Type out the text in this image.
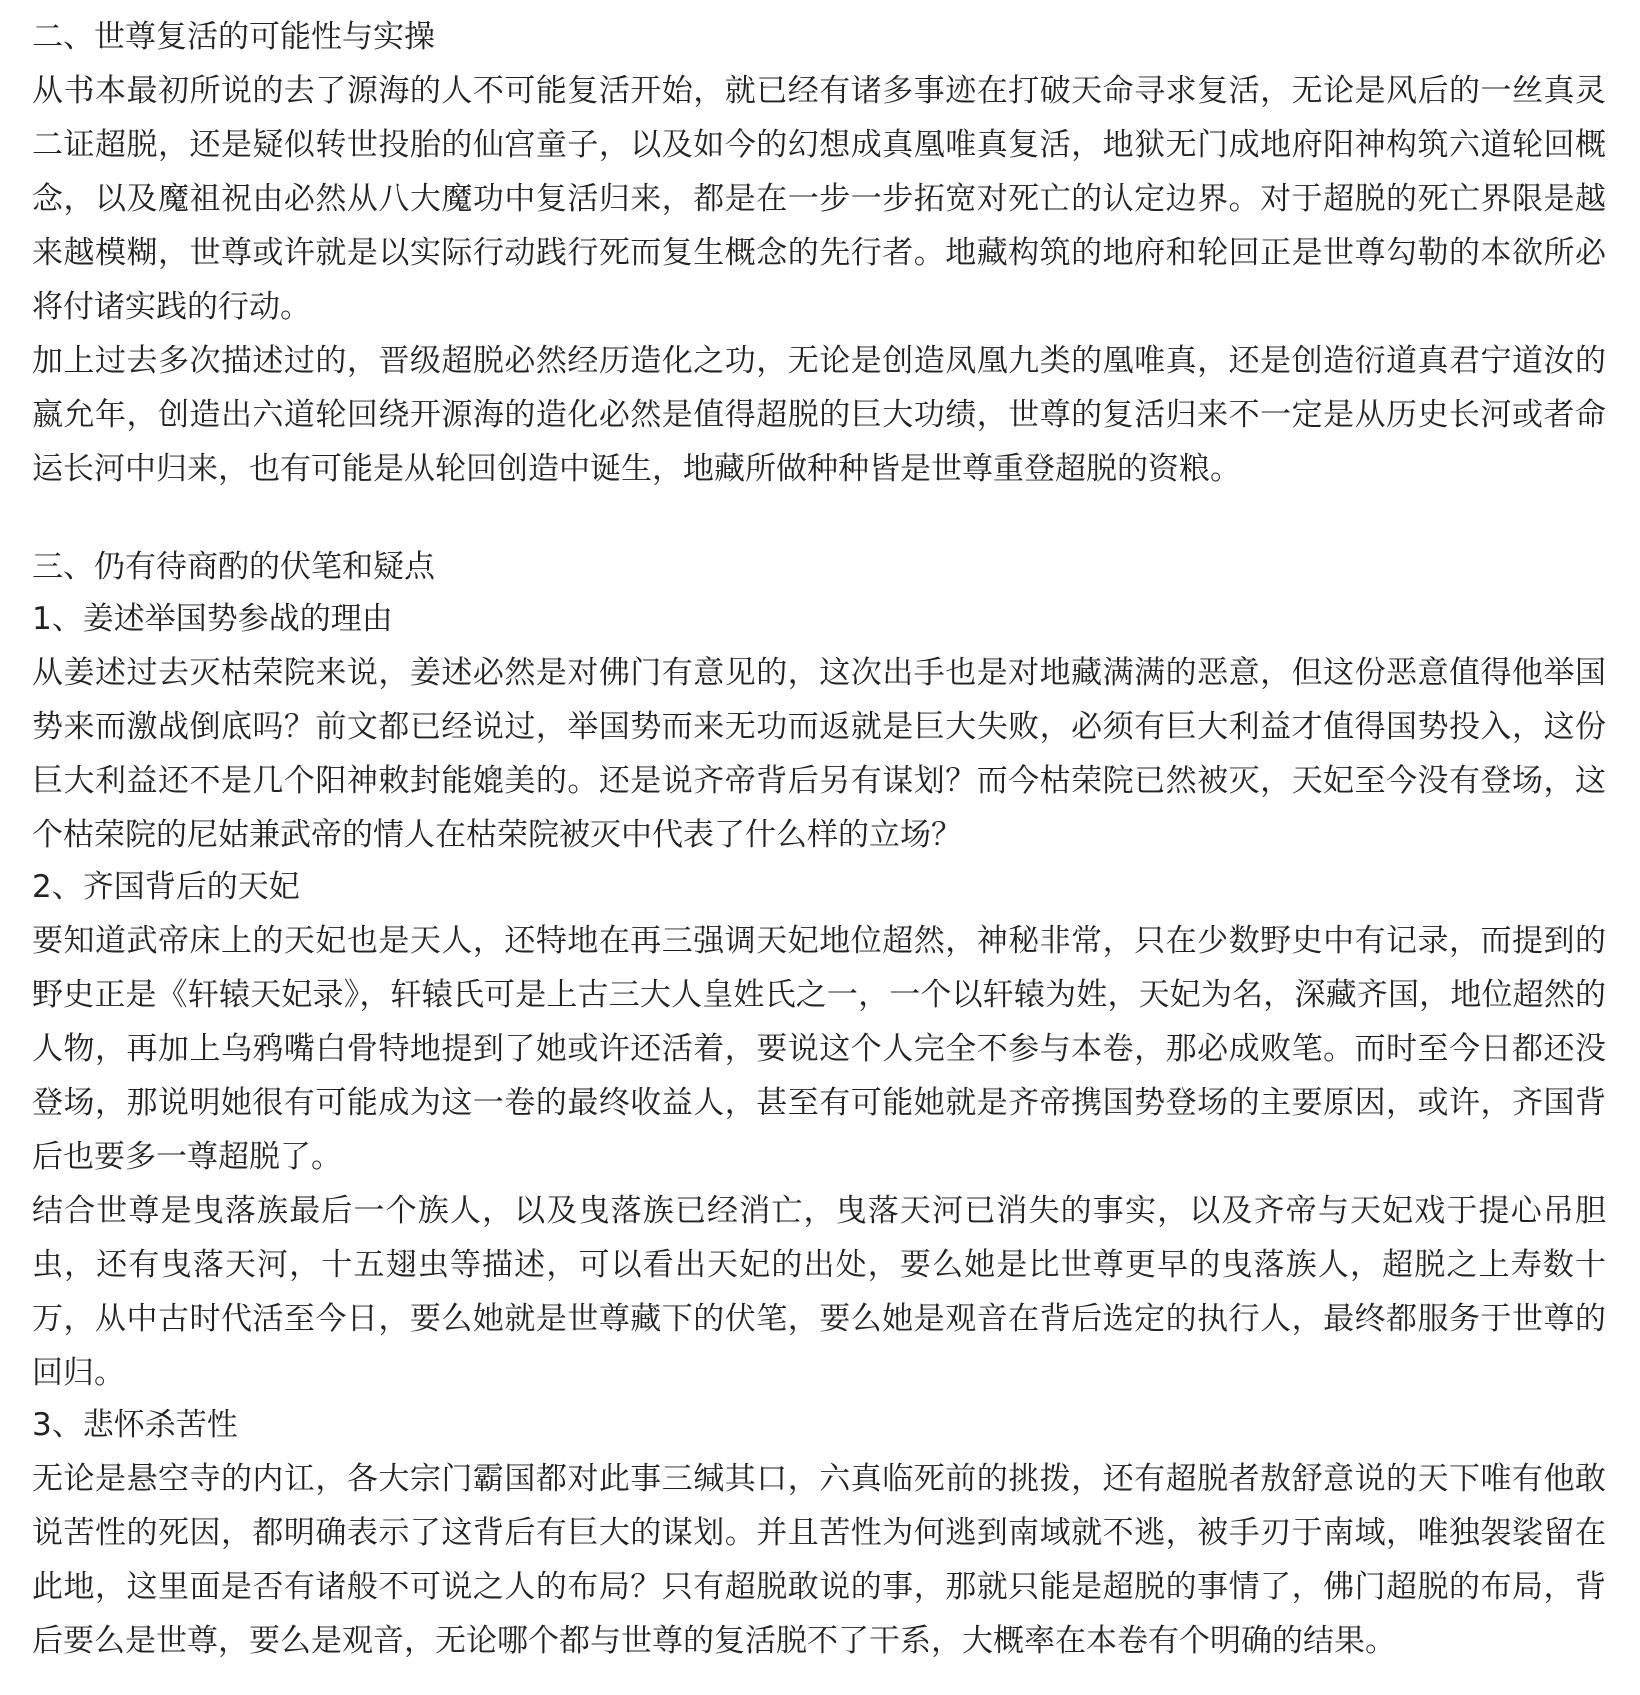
二、世尊复活的可能性与实操

从书本最初所说的去了源海的人不可能复活开始，就已经有诸多事迹在打破天命寻求复活，无论是风后的一丝真灵二证超脱，还是疑似转世投胎的仙宫童子，以及如今的幻想成真凰唯真复活，地狱无门成地府阳神构筑六道轮回概念，以及魔祖祝由必然从八大魔功中复活归来，都是在一步一步拓宽对死亡的认定边界。对于超脱的死亡界限是越来越模糊，世尊或许就是以实际行动践行死而复生概念的先行者。地藏构筑的地府和轮回正是世尊勾勒的本欲所必将付诸实践的行动。

加上过去多次描述过的，晋级超脱必然经历造化之功，无论是创造凤凰九类的凰唯真，还是创造衍道真君宁道汝的嬴允年，创造出六道轮回绕开源海的造化必然是值得超脱的巨大功绩，世尊的复活归来不一定是从历史长河或者命运长河中归来，也有可能是从轮回创造中诞生，地藏所做种种皆是世尊重登超脱的资粮。

三、仍有待商酌的伏笔和疑点
1、姜述举国势参战的理由

从姜述过去灭枯荣院来说，姜述必然是对佛门有意见的，这次出手也是对地藏满满的恶意，但这份恶意值得他举国势来而激战倒底吗？前文都已经说过，举国势而来无功而返就是巨大失败，必须有巨大利益才值得国势投入，这份巨大利益还不是几个阳神敕封能媲美的。还是说齐帝背后另有谋划？而今枯荣院已然被灭，天妃至今没有登场，这个枯荣院的尼姑兼武帝的情人在枯荣院被灭中代表了什么样的立场？

2、齐国背后的天妃

要知道武帝床上的天妃也是天人，还特地在再三强调天妃地位超然，神秘非常，只在少数野史中有记录，而提到的野史正是《轩辕天妃录》，轩辕氏可是上古三大人皇姓氏之一，一个以轩辕为姓，天妃为名，深藏齐国，地位超然的人物，再加上乌鸦嘴白骨特地提到了她或许还活着，要说这个人完全不参与本卷，那必成败笔。而时至今日都还没登场，那说明她很有可能成为这一卷的最终收益人，甚至有可能她就是齐帝携国势登场的主要原因，或许，齐国背后也要多一尊超脱了。

结合世尊是曳落族最后一个族人，以及曳落族已经消亡，曳落天河已消失的事实，以及齐帝与天妃戏于提心吊胆虫，还有曳落天河，十五翅虫等描述，可以看出天妃的出处，要么她是比世尊更早的曳落族人，超脱之上寿数十万，从中古时代活至今日，要么她就是世尊藏下的伏笔，要么她是观音在背后选定的执行人，最终都服务于世尊的回归。

3、悲怀杀苦性

无论是悬空寺的内讧，各大宗门霸国都对此事三缄其口，六真临死前的挑拨，还有超脱者敖舒意说的天下唯有他敢说苦性的死因，都明确表示了这背后有巨大的谋划。并且苦性为何逃到南域就不逃，被手刃于南域，唯独袈裟留在此地，这里面是否有诸般不可说之人的布局？只有超脱敢说的事，那就只能是超脱的事情了，佛门超脱的布局，背后要么是世尊，要么是观音，无论哪个都与世尊的复活脱不了干系，大概率在本卷有个明确的结果。
